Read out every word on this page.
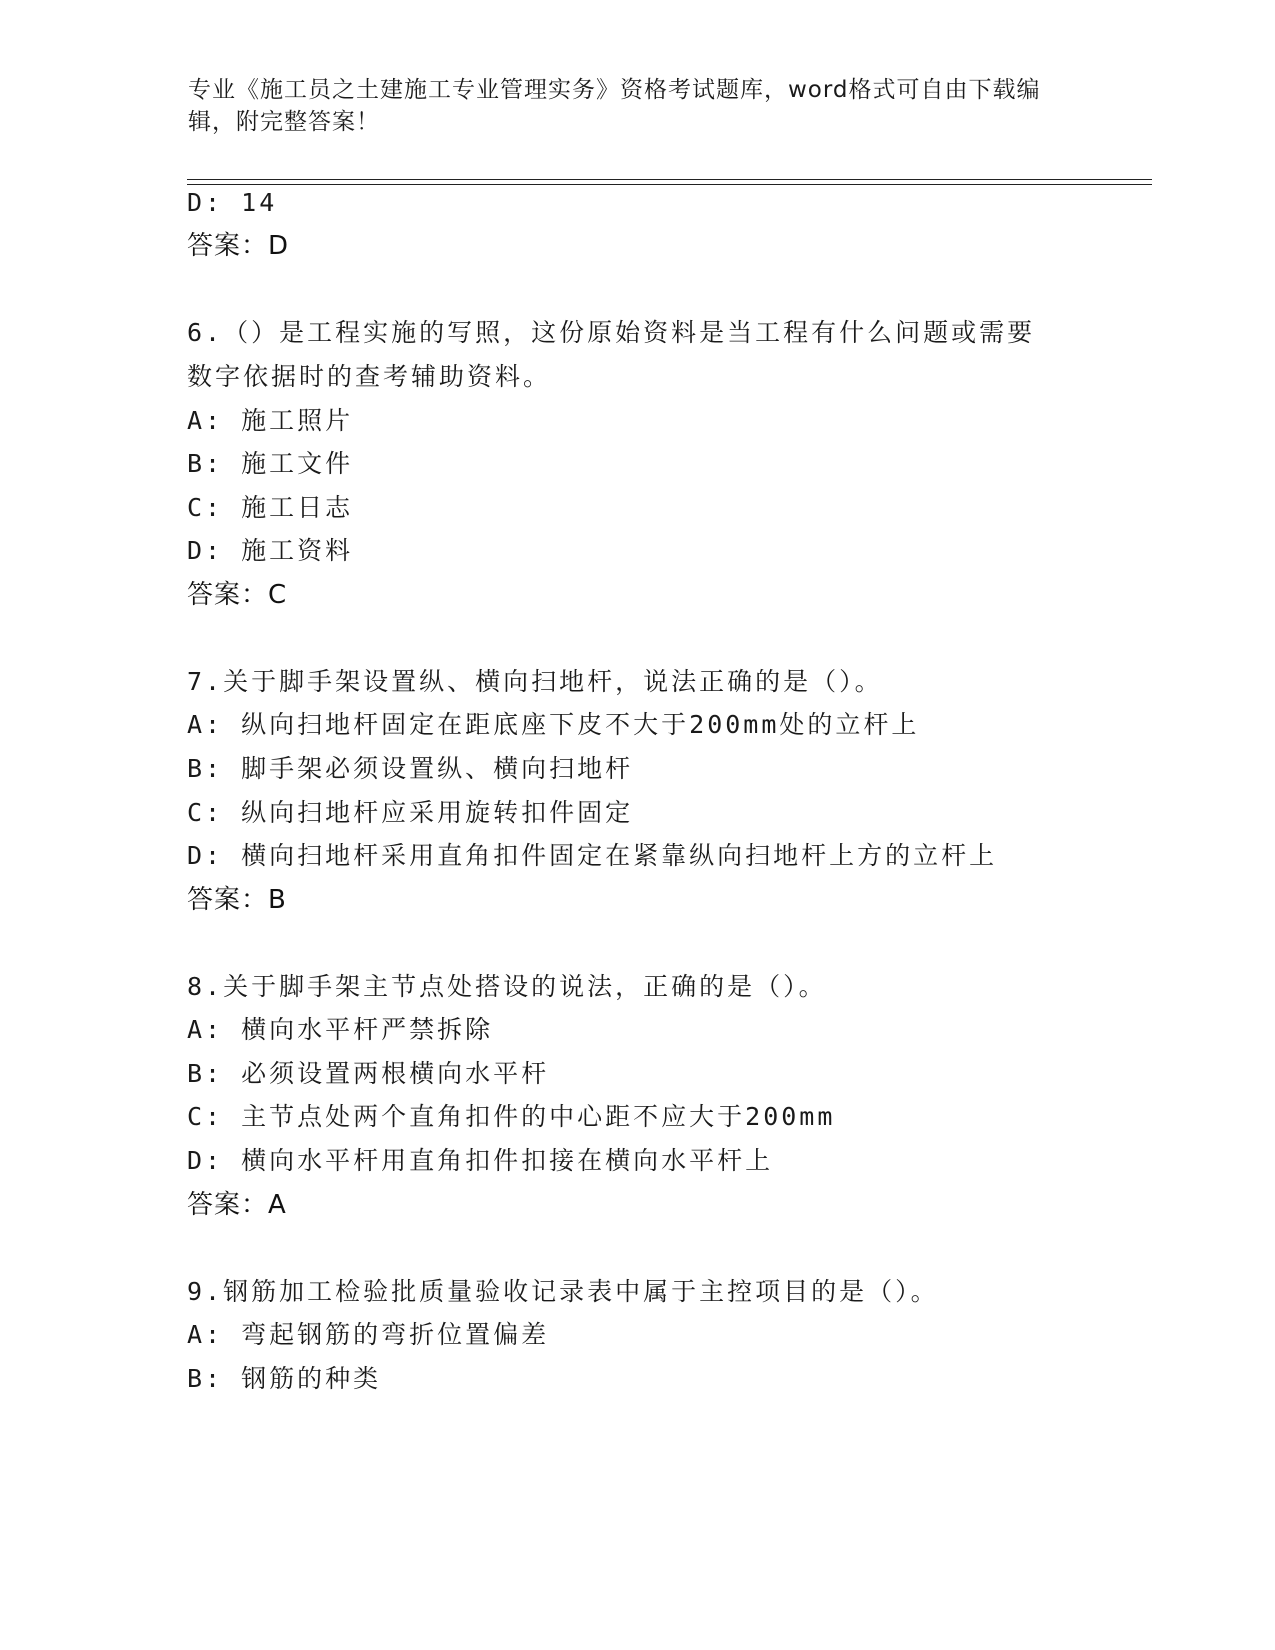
专业《施工员之土建施工专业管理实务》资格考试题库，word格式可自由下载编辑，附完整答案！
D: 14
答案：D
6.（）是工程实施的写照，这份原始资料是当工程有什么问题或需要
数字依据时的查考辅助资料。
A: 施工照片
B: 施工文件
C: 施工日志
D: 施工资料
答案：C
7.关于脚手架设置纵、横向扫地杆，说法正确的是（）。
A: 纵向扫地杆固定在距底座下皮不大于200mm处的立杆上
B: 脚手架必须设置纵、横向扫地杆
C: 纵向扫地杆应采用旋转扣件固定
D: 横向扫地杆采用直角扣件固定在紧靠纵向扫地杆上方的立杆上
答案：B
8.关于脚手架主节点处搭设的说法，正确的是（）。
A: 横向水平杆严禁拆除
B: 必须设置两根横向水平杆
C: 主节点处两个直角扣件的中心距不应大于200mm
D: 横向水平杆用直角扣件扣接在横向水平杆上
答案：A
9.钢筋加工检验批质量验收记录表中属于主控项目的是（）。
A: 弯起钢筋的弯折位置偏差
B: 钢筋的种类
